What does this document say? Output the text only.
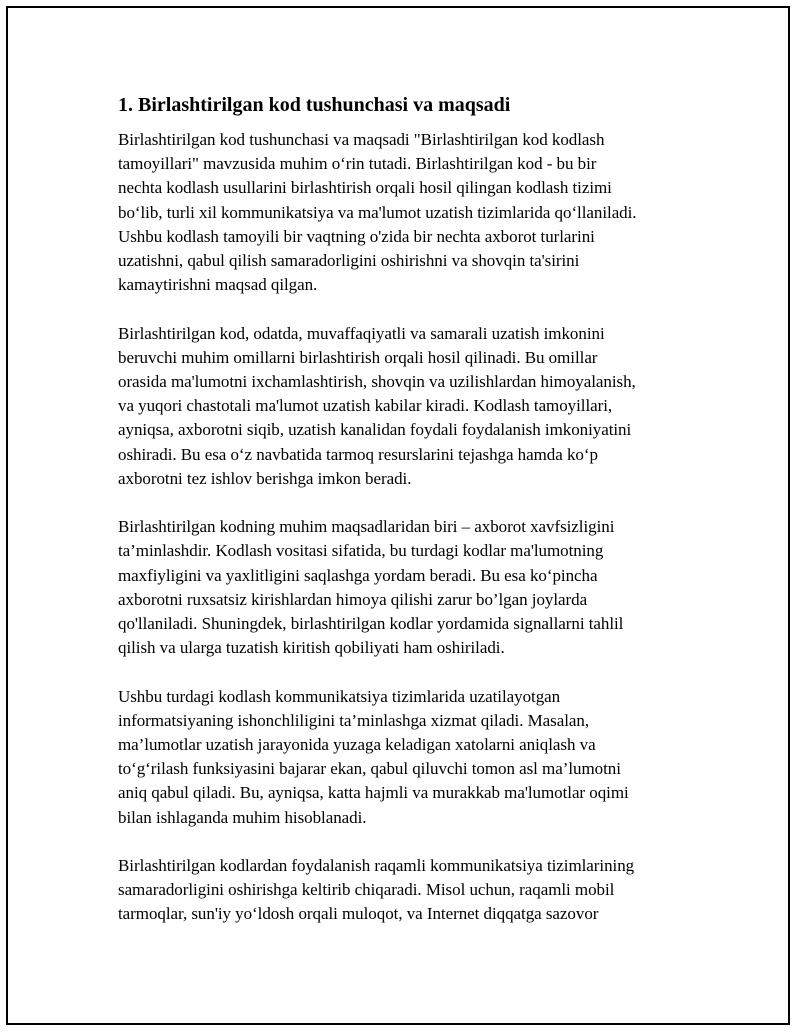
1. Birlashtirilgan kod tushunchasi va maqsadi

Birlashtirilgan kod tushunchasi va maqsadi "Birlashtirilgan kod kodlash
tamoyillari" mavzusida muhim o‘rin tutadi. Birlashtirilgan kod - bu bir
nechta kodlash usullarini birlashtirish orqali hosil qilingan kodlash tizimi
bo‘lib, turli xil kommunikatsiya va ma'lumot uzatish tizimlarida qo‘llaniladi.
Ushbu kodlash tamoyili bir vaqtning o'zida bir nechta axborot turlarini
uzatishni, qabul qilish samaradorligini oshirishni va shovqin ta'sirini
kamaytirishni maqsad qilgan.

Birlashtirilgan kod, odatda, muvaffaqiyatli va samarali uzatish imkonini
beruvchi muhim omillarni birlashtirish orqali hosil qilinadi. Bu omillar
orasida ma'lumotni ixchamlashtirish, shovqin va uzilishlardan himoyalanish,
va yuqori chastotali ma'lumot uzatish kabilar kiradi. Kodlash tamoyillari,
ayniqsa, axborotni siqib, uzatish kanalidan foydali foydalanish imkoniyatini
oshiradi. Bu esa o‘z navbatida tarmoq resurslarini tejashga hamda ko‘p
axborotni tez ishlov berishga imkon beradi.

Birlashtirilgan kodning muhim maqsadlaridan biri – axborot xavfsizligini
ta’minlashdir. Kodlash vositasi sifatida, bu turdagi kodlar ma'lumotning
maxfiyligini va yaxlitligini saqlashga yordam beradi. Bu esa ko‘pincha
axborotni ruxsatsiz kirishlardan himoya qilishi zarur bo’lgan joylarda
qo'llaniladi. Shuningdek, birlashtirilgan kodlar yordamida signallarni tahlil
qilish va ularga tuzatish kiritish qobiliyati ham oshiriladi.

Ushbu turdagi kodlash kommunikatsiya tizimlarida uzatilayotgan
informatsiyaning ishonchliligini ta’minlashga xizmat qiladi. Masalan,
ma’lumotlar uzatish jarayonida yuzaga keladigan xatolarni aniqlash va
to‘g‘rilash funksiyasini bajarar ekan, qabul qiluvchi tomon asl ma’lumotni
aniq qabul qiladi. Bu, ayniqsa, katta hajmli va murakkab ma'lumotlar oqimi
bilan ishlaganda muhim hisoblanadi.

Birlashtirilgan kodlardan foydalanish raqamli kommunikatsiya tizimlarining
samaradorligini oshirishga keltirib chiqaradi. Misol uchun, raqamli mobil
tarmoqlar, sun'iy yo‘ldosh orqali muloqot, va Internet diqqatga sazovor
